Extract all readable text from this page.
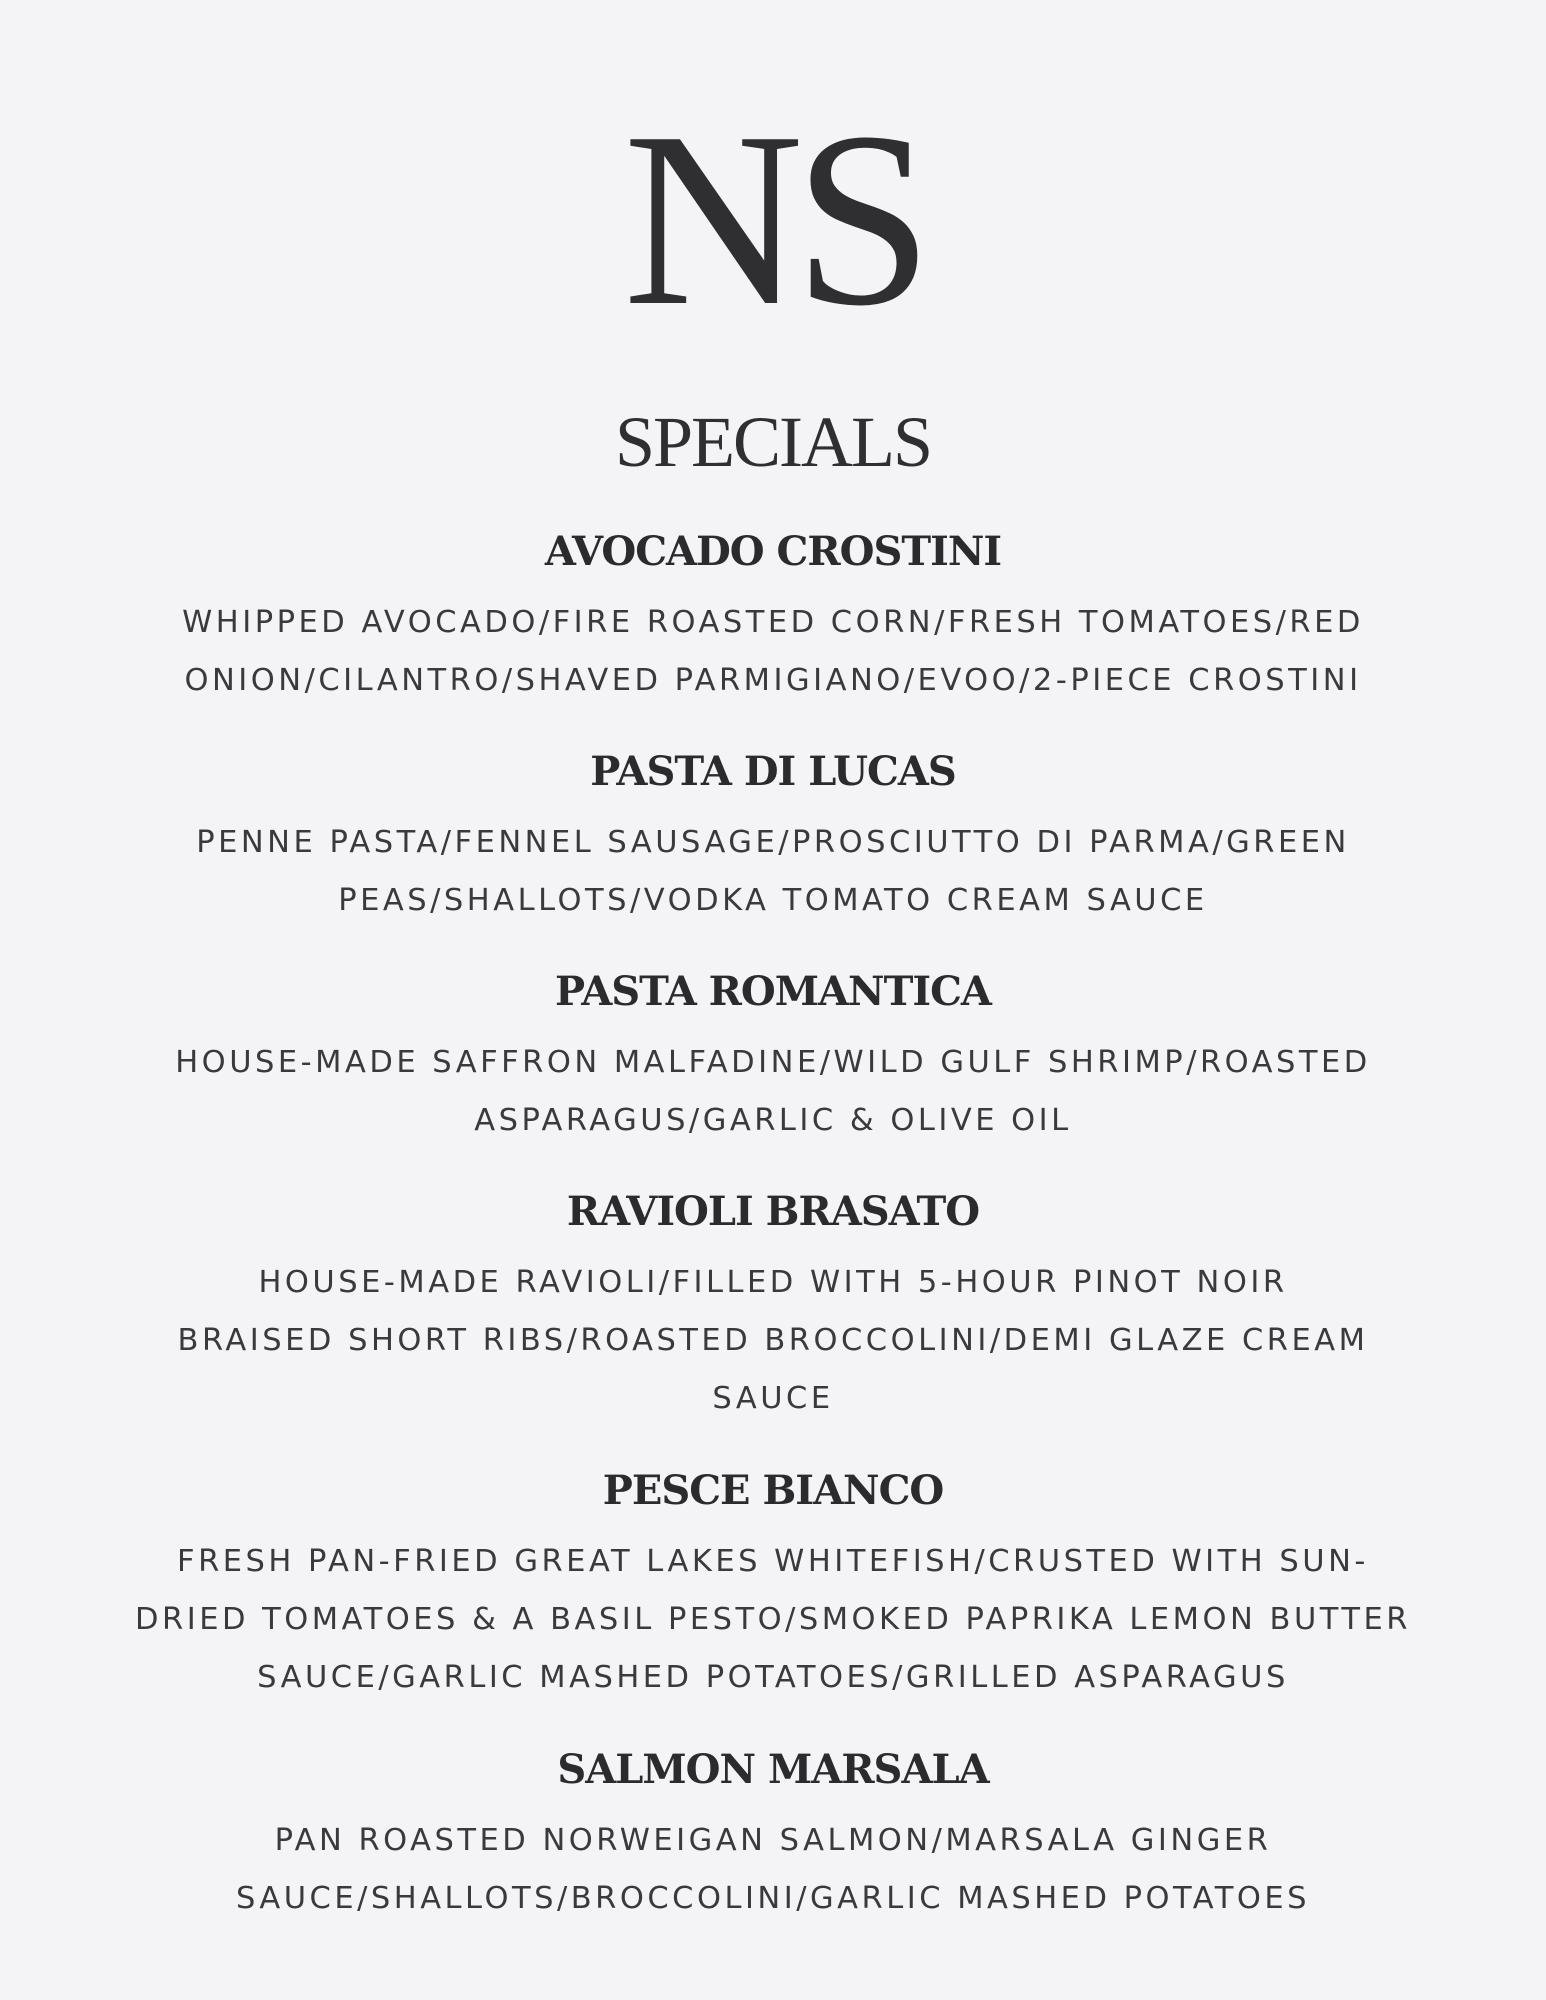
NS
SPECIALS
AVOCADO CROSTINI
WHIPPED AVOCADO/FIRE ROASTED CORN/FRESH TOMATOES/RED
ONION/CILANTRO/SHAVED PARMIGIANO/EVOO/2-PIECE CROSTINI
PASTA DI LUCAS
PENNE PASTA/FENNEL SAUSAGE/PROSCIUTTO DI PARMA/GREEN
PEAS/SHALLOTS/VODKA TOMATO CREAM SAUCE
PASTA ROMANTICA
HOUSE-MADE SAFFRON MALFADINE/WILD GULF SHRIMP/ROASTED
ASPARAGUS/GARLIC & OLIVE OIL
RAVIOLI BRASATO
HOUSE-MADE RAVIOLI/FILLED WITH 5-HOUR PINOT NOIR
BRAISED SHORT RIBS/ROASTED BROCCOLINI/DEMI GLAZE CREAM
SAUCE
PESCE BIANCO
FRESH PAN-FRIED GREAT LAKES WHITEFISH/CRUSTED WITH SUN-
DRIED TOMATOES & A BASIL PESTO/SMOKED PAPRIKA LEMON BUTTER
SAUCE/GARLIC MASHED POTATOES/GRILLED ASPARAGUS
SALMON MARSALA
PAN ROASTED NORWEIGAN SALMON/MARSALA GINGER
SAUCE/SHALLOTS/BROCCOLINI/GARLIC MASHED POTATOES
